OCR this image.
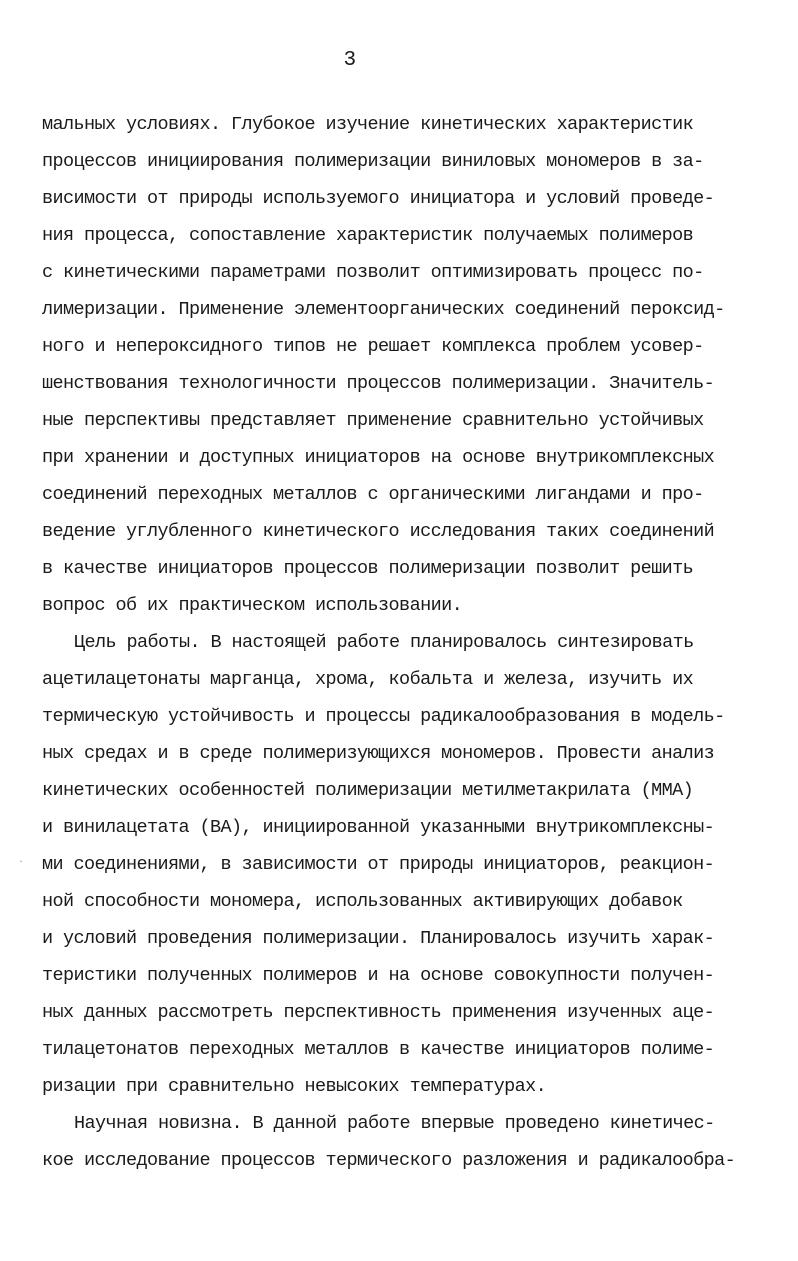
3
`
мальных условиях. Глубокое изучение кинетических характеристик
процессов инициирования полимеризации виниловых мономеров в за-
висимости от природы используемого инициатора и условий проведе-
ния процесса, сопоставление характеристик получаемых полимеров
с кинетическими параметрами позволит оптимизировать процесс по-
лимеризации. Применение элементоорганических соединений пероксид-
ного и непероксидного типов не решает комплекса проблем усовер-
шенствования технологичности процессов полимеризации. Значитель-
ные перспективы представляет применение сравнительно устойчивых
при хранении и доступных инициаторов на основе внутрикомплексных
соединений переходных металлов с органическими лигандами и про-
ведение углубленного кинетического исследования таких соединений
в качестве инициаторов процессов полимеризации позволит решить
вопрос об их практическом использовании.
Цель работы. В настоящей работе планировалось синтезировать
ацетилацетонаты марганца, хрома, кобальта и железа, изучить их
термическую устойчивость и процессы радикалообразования в модель-
ных средах и в среде полимеризующихся мономеров. Провести анализ
кинетических особенностей полимеризации метилметакрилата (ММА)
и винилацетата (ВА), инициированной указанными внутрикомплексны-
ми соединениями, в зависимости от природы инициаторов, реакцион-
ной способности мономера, использованных активирующих добавок
и условий проведения полимеризации. Планировалось изучить харак-
теристики полученных полимеров и на основе совокупности получен-
ных данных рассмотреть перспективность применения изученных аце-
тилацетонатов переходных металлов в качестве инициаторов полиме-
ризации при сравнительно невысоких температурах.
Научная новизна. В данной работе впервые проведено кинетичес-
кое исследование процессов термического разложения и радикалообра-
